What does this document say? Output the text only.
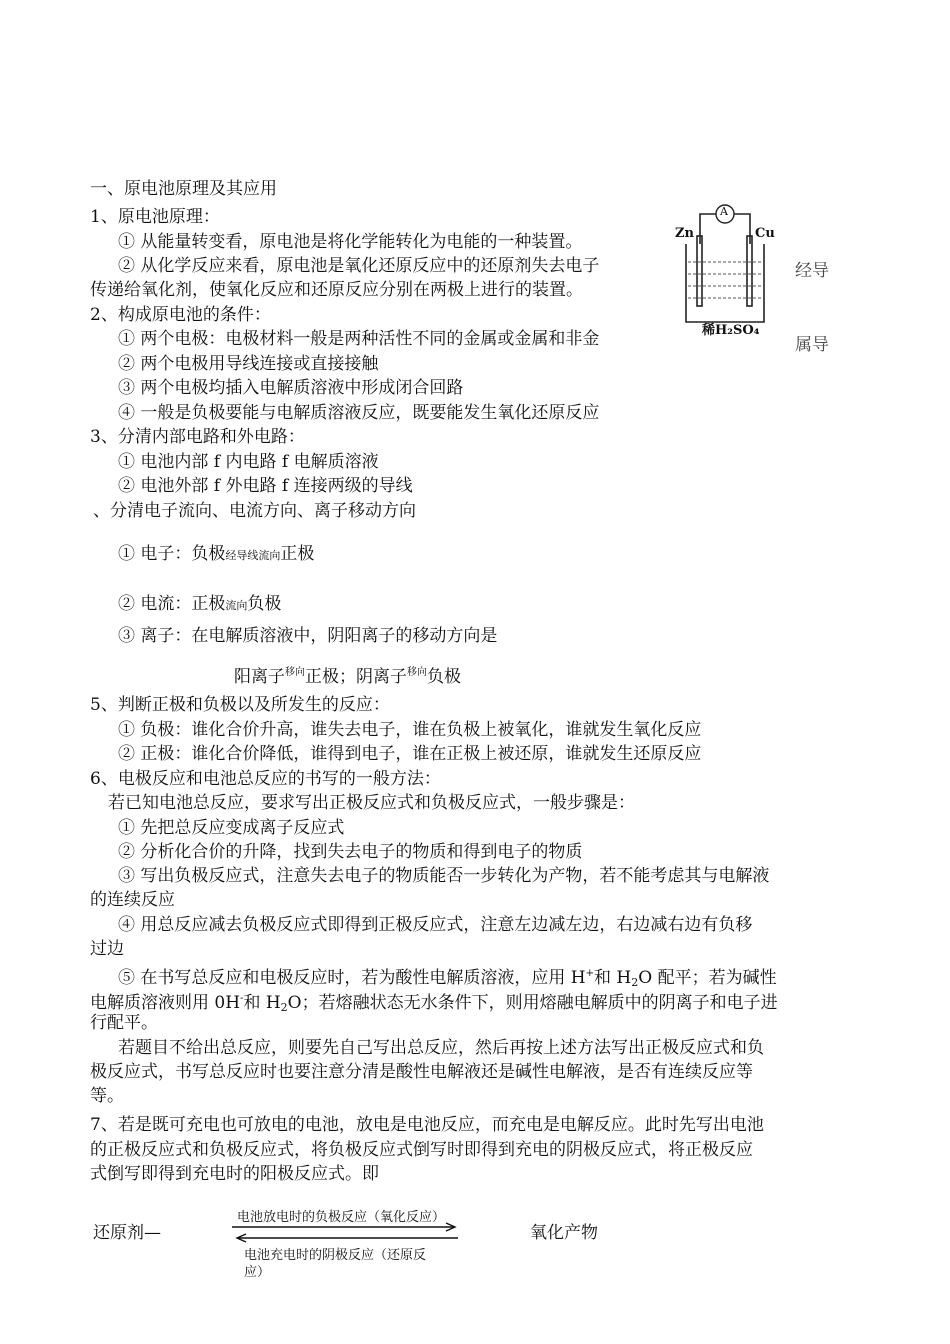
一、原电池原理及其应用
1、原电池原理：
① 从能量转变看，原电池是将化学能转化为电能的一种装置。
② 从化学反应来看，原电池是氧化还原反应中的还原剂失去电子
传递给氧化剂，使氧化反应和还原反应分别在两极上进行的装置。
经导
属导
A
Zn	Cu
稀H₂SO₄
2、构成原电池的条件：
① 两个电极：电极材料一般是两种活性不同的金属或金属和非金
② 两个电极用导线连接或直接接触
③ 两个电极均插入电解质溶液中形成闭合回路
④ 一般是负极要能与电解质溶液反应，既要能发生氧化还原反应
3、分清内部电路和外电路：
① 电池内部 f 内电路 f 电解质溶液
② 电池外部 f 外电路 f 连接两级的导线
、分清电子流向、电流方向、离子移动方向
① 电子：负极经导线流向正极
② 电流：正极流向负极
③ 离子：在电解质溶液中，阴阳离子的移动方向是
阳离子$^{移向}$正极；阴离子$^{移向}$负极
5、判断正极和负极以及所发生的反应：
① 负极：谁化合价升高，谁失去电子，谁在负极上被氧化，谁就发生氧化反应
② 正极：谁化合价降低，谁得到电子，谁在正极上被还原，谁就发生还原反应
6、电极反应和电池总反应的书写的一般方法：
若已知电池总反应，要求写出正极反应式和负极反应式，一般步骤是：
① 先把总反应变成离子反应式
② 分析化合价的升降，找到失去电子的物质和得到电子的物质
③ 写出负极反应式，注意失去电子的物质能否一步转化为产物，若不能考虑其与电解液
的连续反应
④ 用总反应减去负极反应式即得到正极反应式，注意左边减左边，右边减右边有负移
过边
⑤ 在书写总反应和电极反应时，若为酸性电解质溶液，应用 H+和 $H_2O$ 配平；若为碱性
电解质溶液则用 0H-和 $H_2O$；若熔融状态无水条件下，则用熔融电解质中的阴离子和电子进
行配平。
若题目不给出总反应，则要先自己写出总反应，然后再按上述方法写出正极反应式和负
极反应式，书写总反应时也要注意分清是酸性电解液还是碱性电解液，是否有连续反应等
等。
7、若是既可充电也可放电的电池，放电是电池反应，而充电是电解反应。此时先写出电池
的正极反应式和负极反应式，将负极反应式倒写时即得到充电的阴极反应式，将正极反应
式倒写即得到充电时的阳极反应式。即
还原剂—	氧化产物
电池放电时的负极反应（氧化反应）
电池充电时的阴极反应（还原反
应）
